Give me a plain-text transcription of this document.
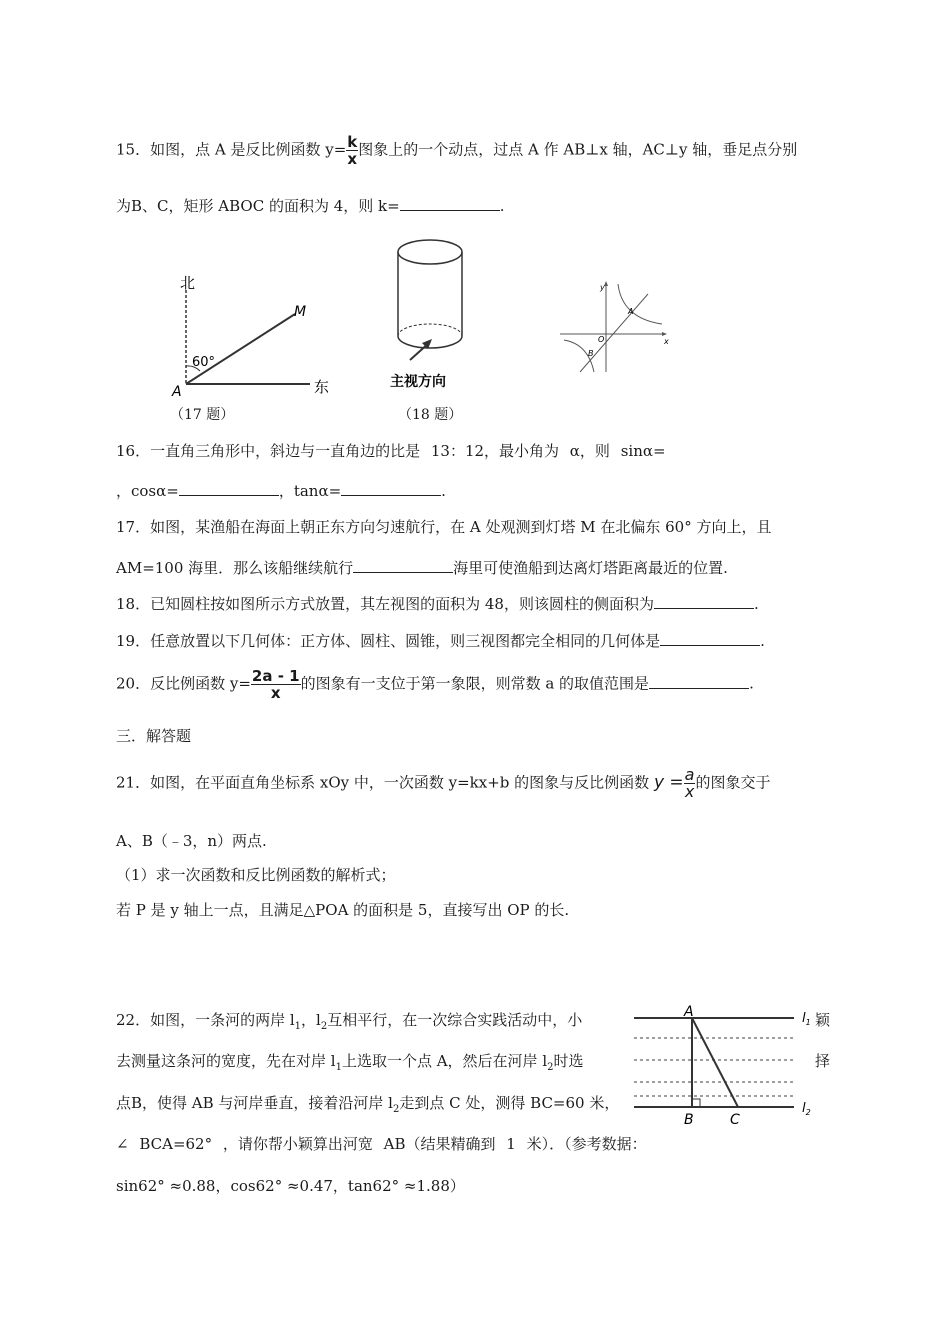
15．如图，点 A 是反比例函数 $y= \frac{k}{x}$ 图象上的一个动点，过点 A 作 AB⊥x 轴，AC⊥y 轴，垂足点分别
为B、C，矩形 ABOC 的面积为 4，则 k=	.
北
东
A
M
60°
（17 题）
主视方向
（18 题）
y
x
O
A
B
16．一直角三角形中，斜边与一直角边的比是 13：12，最小角为 α，则 sinα=
，cosα=	，tanα=	.
17．如图，某渔船在海面上朝正东方向匀速航行，在 A 处观测到灯塔 M 在北偏东 60° 方向上，且
AM=100 海里．那么该船继续航行	海里可使渔船到达离灯塔距离最近的位置.
18．已知圆柱按如图所示方式放置，其左视图的面积为 48，则该圆柱的侧面积为	.
19．任意放置以下几何体：正方体、圆柱、圆锥，则三视图都完全相同的几何体是	.
20．反比例函数 $y= \frac{2a - 1}{x}$ 的图象有一支位于第一象限，则常数 a 的取值范围是	.
三．解答题
21．如图，在平面直角坐标系 xOy 中，一次函数 y=kx+b 的图象与反比例函数 $y = \frac{a}{x}$ 的图象交于
A、B（﹣3，n）两点.
（1）求一次函数和反比例函数的解析式；
若 P 是 y 轴上一点，且满足△POA 的面积是 5，直接写出 OP 的长.
22．如图，一条河的两岸 $l_1$，$l_2$互相平行，在一次综合实践活动中，小	颖
去测量这条河的宽度，先在对岸 $l_1$上选取一个点 A，然后在河岸 $l_2$时选	择
点B，使得 AB 与河岸垂直，接着沿河岸 $l_2$走到点 C 处，测得 BC=60 米，
∠ BCA=62° ，请你帮小颖算出河宽 AB（结果精确到 1 米）．（参考数据：
sin62° ≈0.88，cos62° ≈0.47，tan62° ≈1.88）
A
B	C
$l_1$
$l_2$
